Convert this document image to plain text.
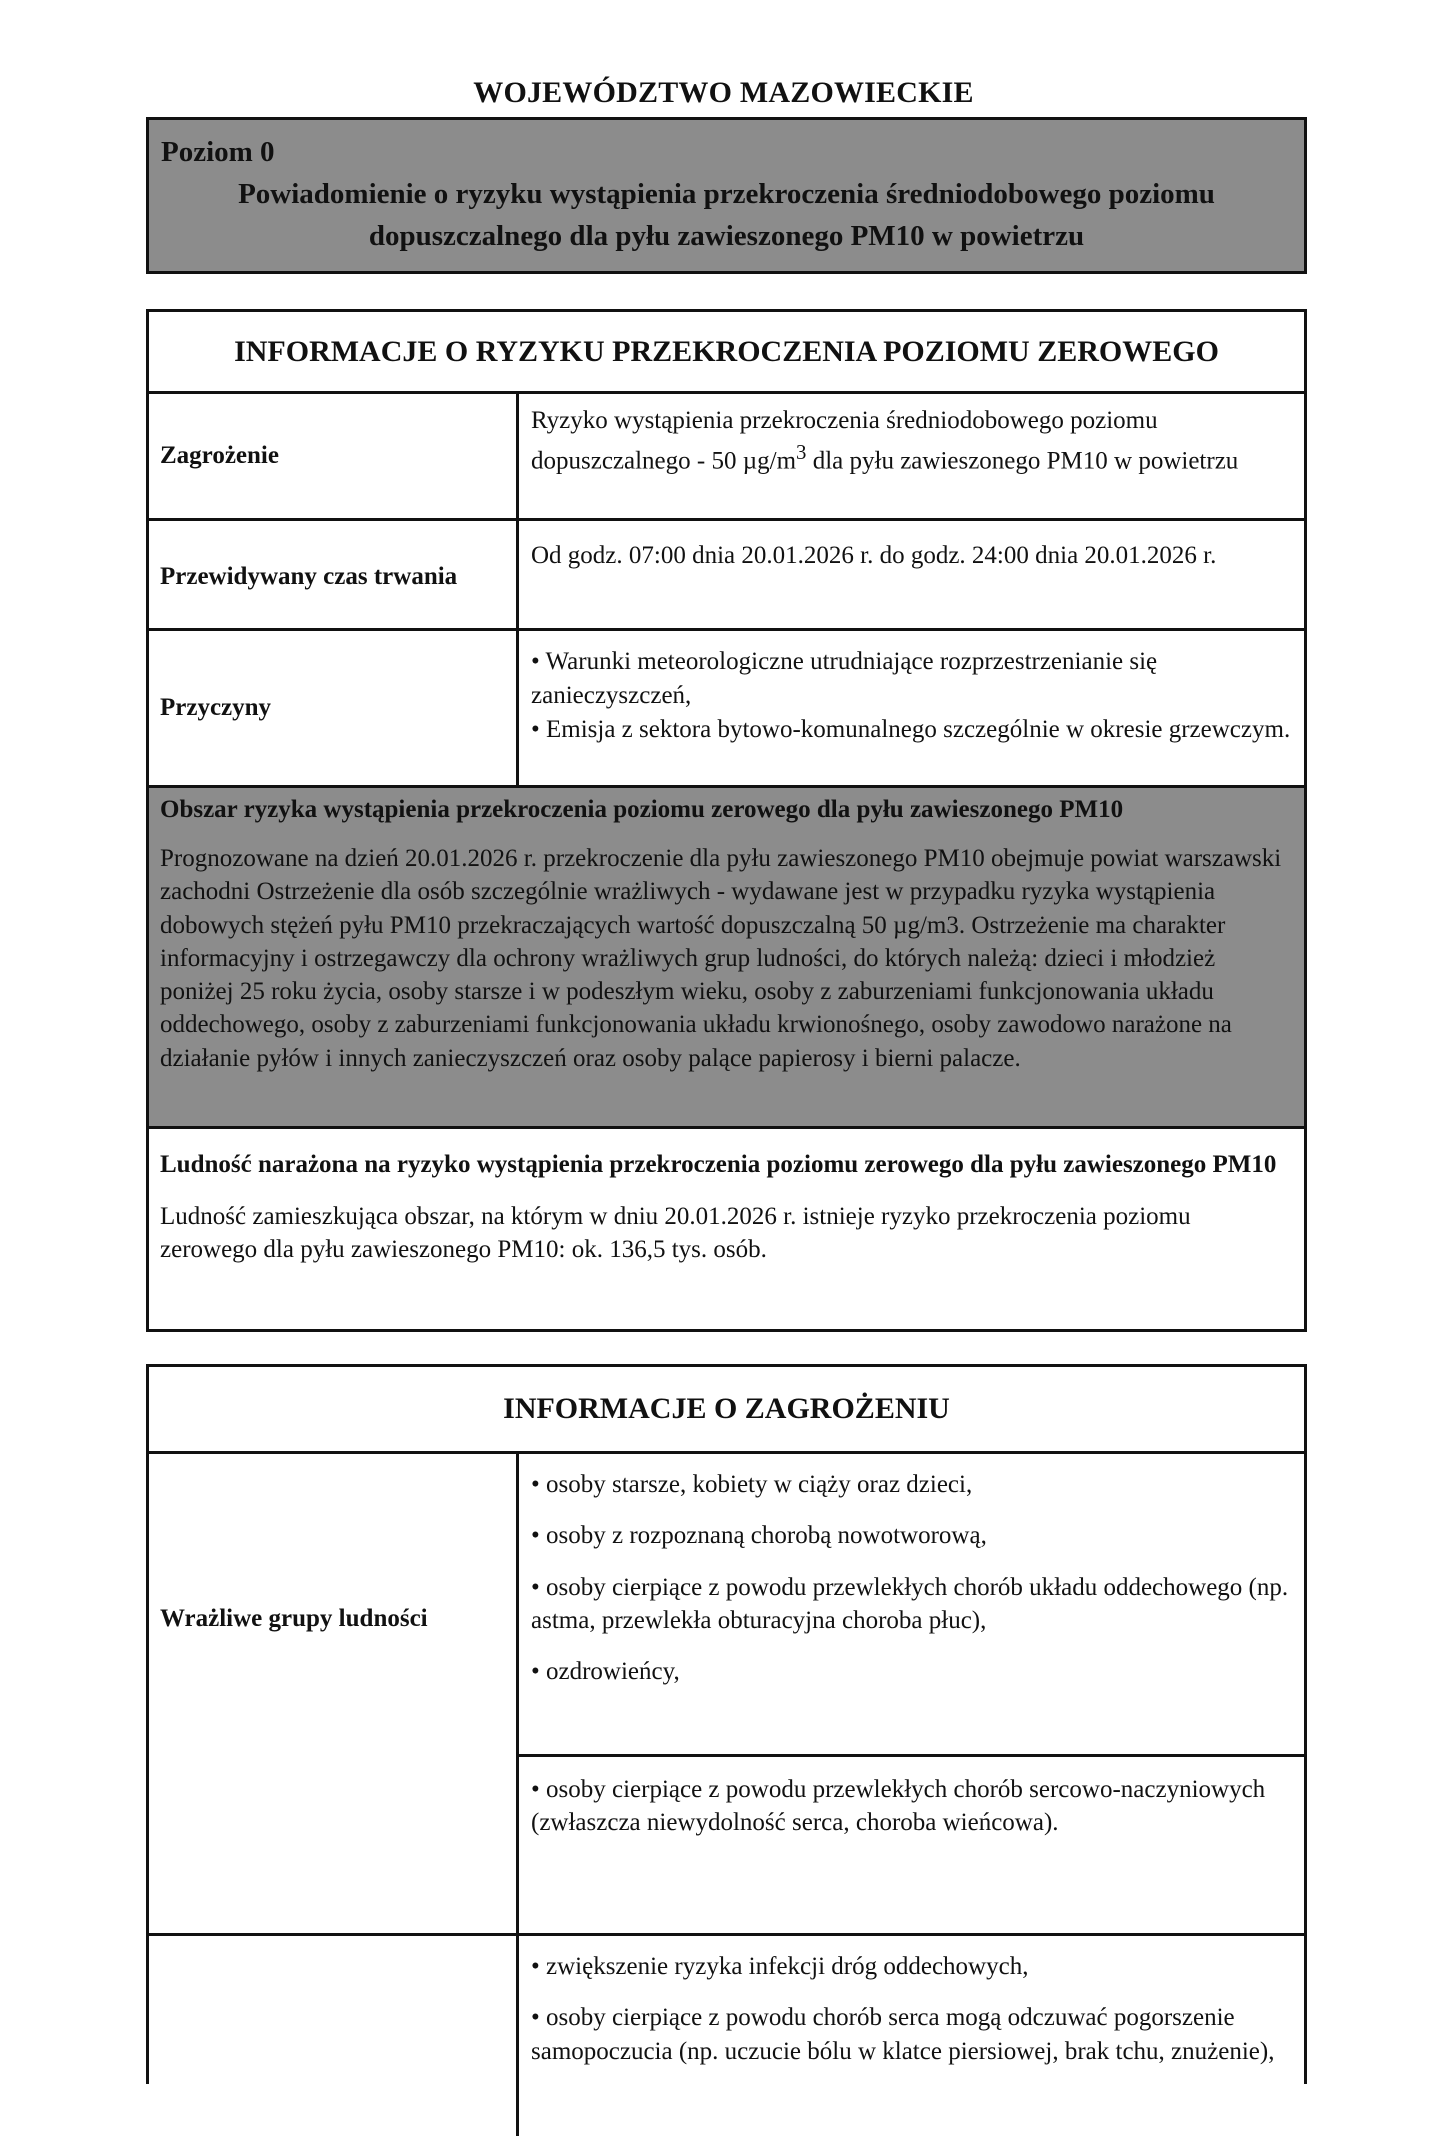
WOJEWÓDZTWO MAZOWIECKIE
Poziom 0
Powiadomienie o ryzyku wystąpienia przekroczenia średniodobowego poziomu dopuszczalnego dla pyłu zawieszonego PM10 w powietrzu
INFORMACJE O RYZYKU PRZEKROCZENIA POZIOMU ZEROWEGO
Zagrożenie
Ryzyko wystąpienia przekroczenia średniodobowego poziomu dopuszczalnego - 50 $\mu g/m^3$ dla pyłu zawieszonego PM10 w powietrzu
Przewidywany czas trwania
Od godz. 07:00 dnia 20.01.2026 r. do godz. 24:00 dnia 20.01.2026 r.
Przyczyny

• Warunki meteorologiczne utrudniające rozprzestrzenianie się zanieczyszczeń,

• Emisja z sektora bytowo-komunalnego szczególnie w okresie grzewczym.

Obszar ryzyka wystąpienia przekroczenia poziomu zerowego dla pyłu zawieszonego PM10

Prognozowane na dzień 20.01.2026 r. przekroczenie dla pyłu zawieszonego PM10 obejmuje powiat warszawski zachodni Ostrzeżenie dla osób szczególnie wrażliwych - wydawane jest w przypadku ryzyka wystąpienia dobowych stężeń pyłu PM10 przekraczających wartość dopuszczalną 50 µg/m3. Ostrzeżenie ma charakter informacyjny i ostrzegawczy dla ochrony wrażliwych grup ludności, do których należą: dzieci i młodzież poniżej 25 roku życia, osoby starsze i w podeszłym wieku, osoby z zaburzeniami funkcjonowania układu oddechowego, osoby z zaburzeniami funkcjonowania układu krwionośnego, osoby zawodowo narażone na działanie pyłów i innych zanieczyszczeń oraz osoby palące papierosy i bierni palacze.

Ludność narażona na ryzyko wystąpienia przekroczenia poziomu zerowego dla pyłu zawieszonego PM10

Ludność zamieszkująca obszar, na którym w dniu 20.01.2026 r. istnieje ryzyko przekroczenia poziomu zerowego dla pyłu zawieszonego PM10: ok. 136,5 tys. osób.

INFORMACJE O ZAGROŻENIU
Wrażliwe grupy ludności

• osoby starsze, kobiety w ciąży oraz dzieci,

• osoby z rozpoznaną chorobą nowotworową,

• osoby cierpiące z powodu przewlekłych chorób układu oddechowego (np. astma, przewlekła obturacyjna choroba płuc),

• ozdrowieńcy,

• osoby cierpiące z powodu przewlekłych chorób sercowo-naczyniowych (zwłaszcza niewydolność serca, choroba wieńcowa).

• zwiększenie ryzyka infekcji dróg oddechowych,

• osoby cierpiące z powodu chorób serca mogą odczuwać pogorszenie samopoczucia (np. uczucie bólu w klatce piersiowej, brak tchu, znużenie),
